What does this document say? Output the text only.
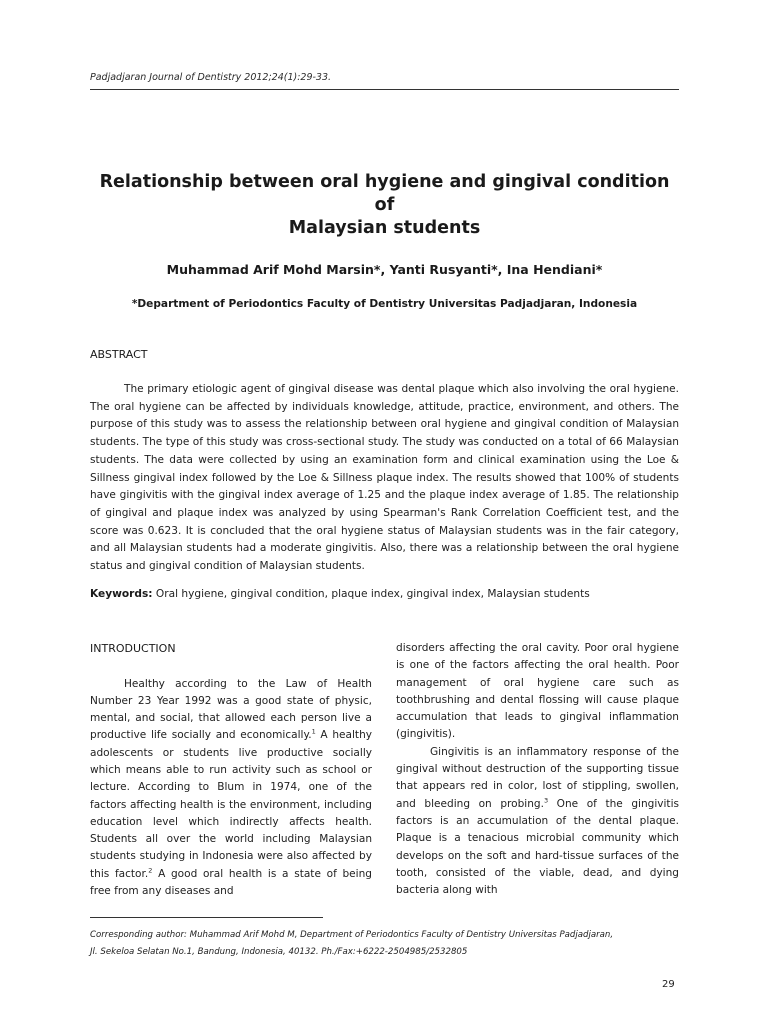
Padjadjaran Journal of Dentistry 2012;24(1):29-33.
Relationship between oral hygiene and gingival condition of
Malaysian students
Muhammad Arif Mohd Marsin*, Yanti Rusyanti*, Ina Hendiani*
*Department of Periodontics Faculty of Dentistry Universitas Padjadjaran, Indonesia
ABSTRACT
The primary etiologic agent of gingival disease was dental plaque which also involving the oral hygiene. The oral hygiene can be affected by individuals knowledge, attitude, practice, environment, and others. The purpose of this study was to assess the relationship between oral hygiene and gingival condition of Malaysian students. The type of this study was cross-sectional study. The study was conducted on a total of 66 Malaysian students. The data were collected by using an examination form and clinical examination using the Loe & Sillness gingival index followed by the Loe & Sillness plaque index. The results showed that 100% of students have gingivitis with the gingival index average of 1.25 and the plaque index average of 1.85. The relationship of gingival and plaque index was analyzed by using Spearman's Rank Correlation Coefficient test, and the score was 0.623. It is concluded that the oral hygiene status of Malaysian students was in the fair category, and all Malaysian students had a moderate gingivitis. Also, there was a relationship between the oral hygiene status and gingival condition of Malaysian students.
Keywords: Oral hygiene, gingival condition, plaque index, gingival index, Malaysian students
INTRODUCTION

Healthy according to the Law of Health Number 23 Year 1992 was a good state of physic, mental, and social, that allowed each person live a productive life socially and economically.$^1$ A healthy adolescents or students live productive socially which means able to run activity such as school or lecture. According to Blum in 1974, one of the factors affecting health is the environment, including education level which indirectly affects health. Students all over the world including Malaysian students studying in Indonesia were also affected by this factor.$^2$ A good oral health is a state of being free from any diseases and

disorders affecting the oral cavity. Poor oral hygiene is one of the factors affecting the oral health. Poor management of oral hygiene care such as toothbrushing and dental flossing will cause plaque accumulation that leads to gingival inflammation (gingivitis).

Gingivitis is an inflammatory response of the gingival without destruction of the supporting tissue that appears red in color, lost of stippling, swollen, and bleeding on probing.$^3$ One of the gingivitis factors is an accumulation of the dental plaque. Plaque is a tenacious microbial community which develops on the soft and hard-tissue surfaces of the tooth, consisted of the viable, dead, and dying bacteria along with

Corresponding author: Muhammad Arif Mohd M, Department of Periodontics Faculty of Dentistry Universitas Padjadjaran,
Jl. Sekeloa Selatan No.1, Bandung, Indonesia, 40132. Ph./Fax:+6222-2504985/2532805
29
